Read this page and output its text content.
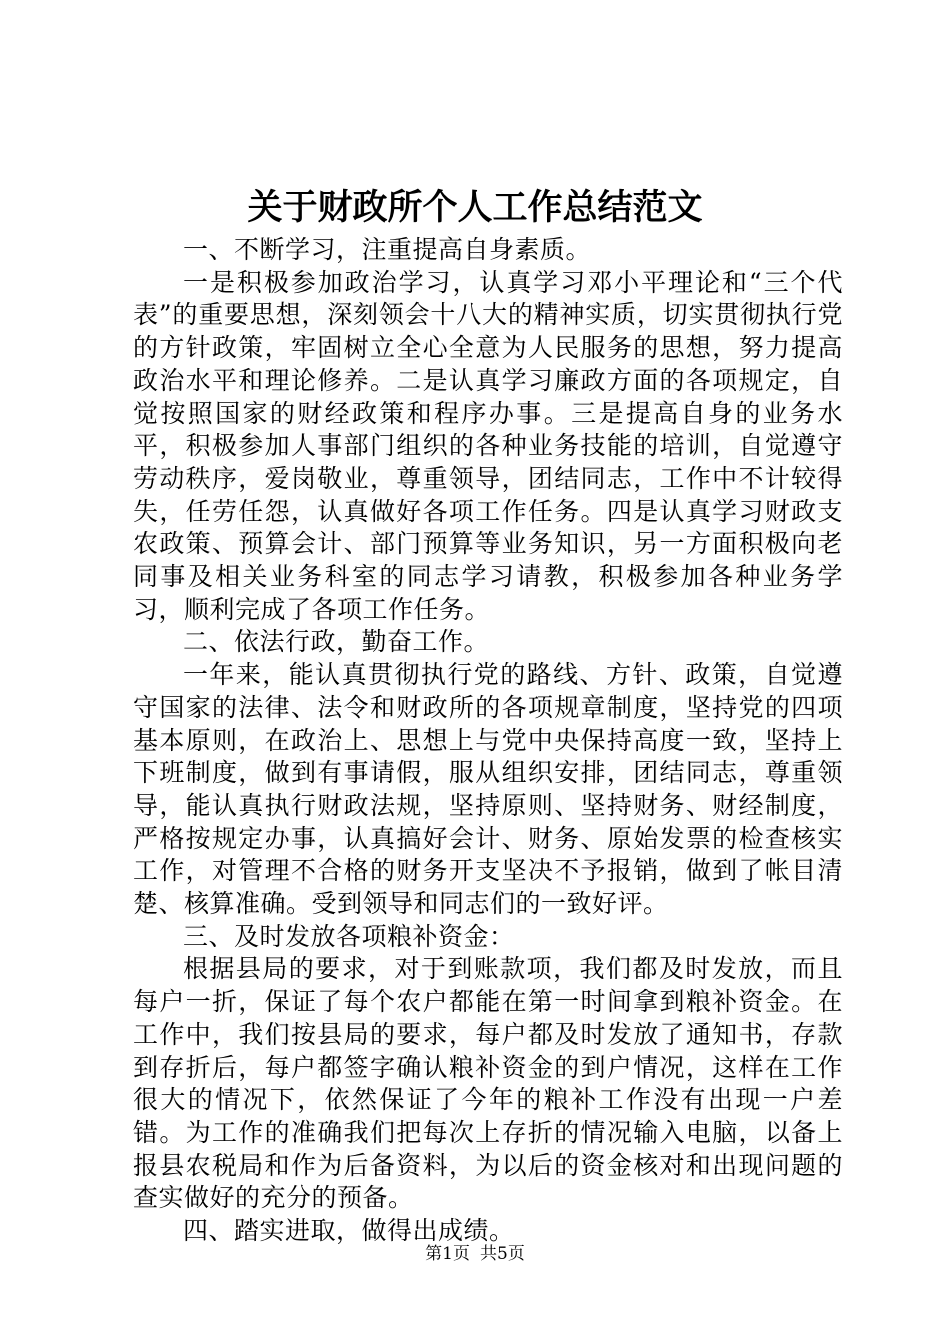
关于财政所个人工作总结范文

一、不断学习，注重提高自身素质。

一是积极参加政治学习，认真学习邓小平理论和“三个代表”的重要思想，深刻领会十八大的精神实质，切实贯彻执行党的方针政策，牢固树立全心全意为人民服务的思想，努力提高政治水平和理论修养。二是认真学习廉政方面的各项规定，自觉按照国家的财经政策和程序办事。三是提高自身的业务水平，积极参加人事部门组织的各种业务技能的培训，自觉遵守劳动秩序，爱岗敬业，尊重领导，团结同志，工作中不计较得失，任劳任怨，认真做好各项工作任务。四是认真学习财政支农政策、预算会计、部门预算等业务知识，另一方面积极向老同事及相关业务科室的同志学习请教，积极参加各种业务学习，顺利完成了各项工作任务。

二、依法行政，勤奋工作。

一年来，能认真贯彻执行党的路线、方针、政策，自觉遵守国家的法律、法令和财政所的各项规章制度，坚持党的四项基本原则，在政治上、思想上与党中央保持高度一致，坚持上下班制度，做到有事请假，服从组织安排，团结同志，尊重领导，能认真执行财政法规，坚持原则、坚持财务、财经制度，严格按规定办事，认真搞好会计、财务、原始发票的检查核实工作，对管理不合格的财务开支坚决不予报销，做到了帐目清楚、核算准确。受到领导和同志们的一致好评。

三、及时发放各项粮补资金：

根据县局的要求，对于到账款项，我们都及时发放，而且每户一折，保证了每个农户都能在第一时间拿到粮补资金。在工作中，我们按县局的要求，每户都及时发放了通知书，存款到存折后，每户都签字确认粮补资金的到户情况，这样在工作很大的情况下，依然保证了今年的粮补工作没有出现一户差错。为工作的准确我们把每次上存折的情况输入电脑，以备上报县农税局和作为后备资料，为以后的资金核对和出现问题的查实做好的充分的预备。

四、踏实进取，做得出成绩。

第1页 共5页
